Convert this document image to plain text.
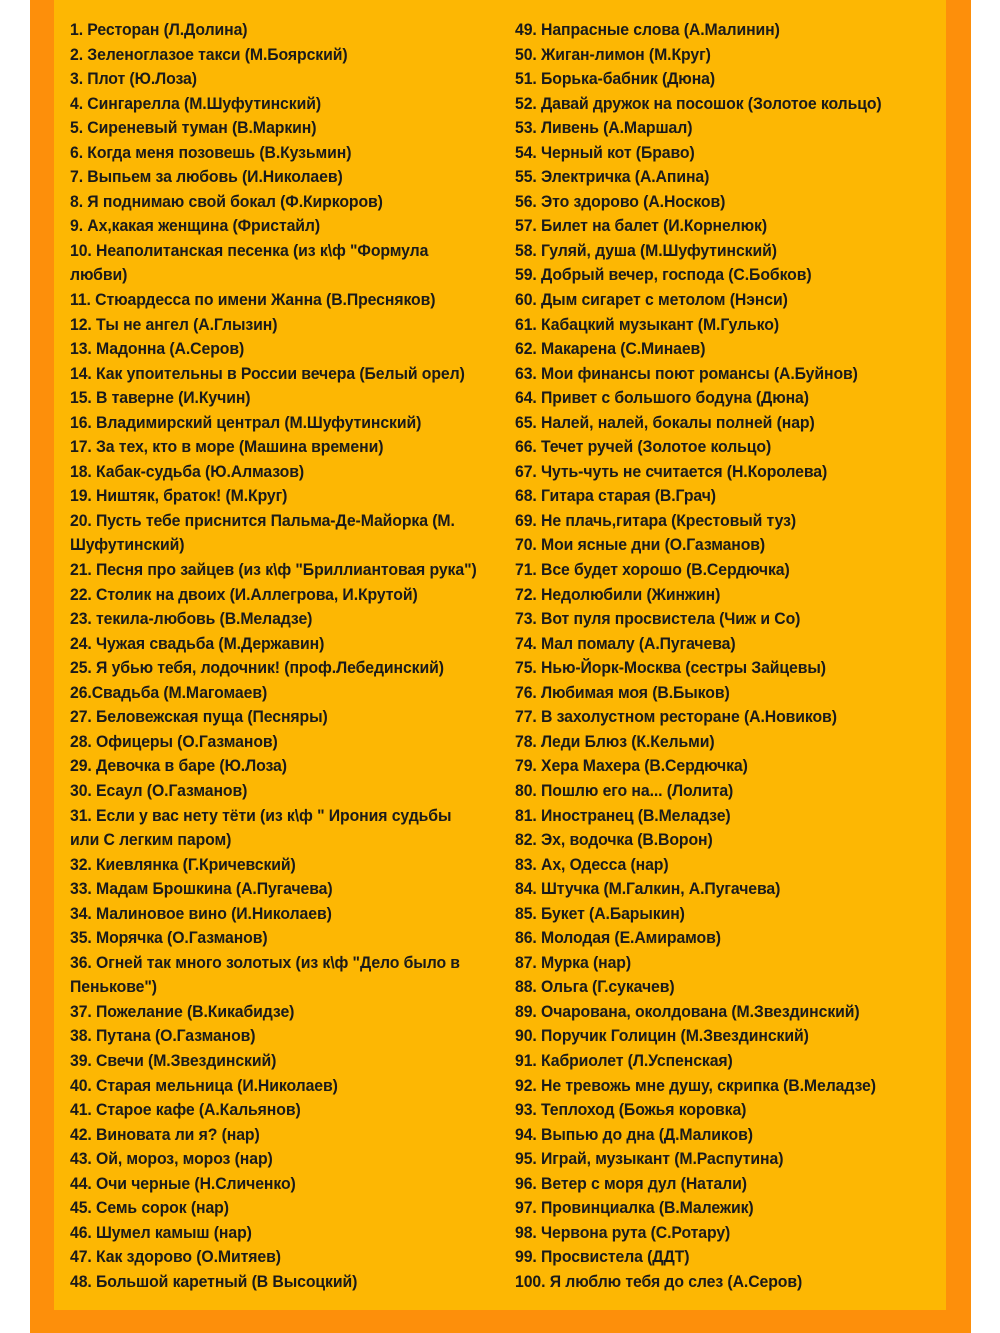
1. Ресторан (Л.Долина)
2. Зеленоглазое такси (М.Боярский)
3. Плот (Ю.Лоза)
4. Сингарелла (М.Шуфутинский)
5. Сиреневый туман (В.Маркин)
6. Когда меня позовешь (В.Кузьмин)
7. Выпьем за любовь (И.Николаев)
8. Я поднимаю свой бокал (Ф.Киркоров)
9. Ах,какая женщина (Фристайл)
10. Неаполитанская песенка (из к\ф "Формула
любви)
11. Стюардесса по имени Жанна (В.Пресняков)
12. Ты не ангел (А.Глызин)
13. Мадонна (А.Серов)
14. Как упоительны в России вечера (Белый орел)
15. В таверне (И.Кучин)
16. Владимирский централ (М.Шуфутинский)
17. За тех, кто в море (Машина времени)
18. Кабак-судьба (Ю.Алмазов)
19. Ништяк, браток! (М.Круг)
20. Пусть тебе приснится Пальма-Де-Майорка (М.
Шуфутинский)
21. Песня про зайцев (из к\ф "Бриллиантовая рука")
22. Столик на двоих (И.Аллегрова, И.Крутой)
23. текила-любовь (В.Меладзе)
24. Чужая свадьба (М.Державин)
25. Я убью тебя, лодочник! (проф.Лебединский)
26.Свадьба (М.Магомаев)
27. Беловежская пуща (Песняры)
28. Офицеры (О.Газманов)
29. Девочка в баре (Ю.Лоза)
30. Есаул (О.Газманов)
31. Если у вас нету тёти (из к\ф " Ирония судьбы
или С легким паром)
32. Киевлянка (Г.Кричевский)
33. Мадам Брошкина (А.Пугачева)
34. Малиновое вино (И.Николаев)
35. Морячка (О.Газманов)
36. Огней так много золотых (из к\ф "Дело было в
Пенькове")
37. Пожелание (В.Кикабидзе)
38. Путана (О.Газманов)
39. Свечи (М.Звездинский)
40. Старая мельница (И.Николаев)
41. Старое кафе (А.Кальянов)
42. Виновата ли я? (нар)
43. Ой, мороз, мороз (нар)
44. Очи черные (Н.Сличенко)
45. Семь сорок (нар)
46. Шумел камыш (нар)
47. Как здорово (О.Митяев)
48. Большой каретный (В Высоцкий)
49. Напрасные слова (А.Малинин)
50. Жиган-лимон (М.Круг)
51. Борька-бабник (Дюна)
52. Давай дружок на посошок (Золотое кольцо)
53. Ливень (А.Маршал)
54. Черный кот (Браво)
55. Электричка (А.Апина)
56. Это здорово (А.Носков)
57. Билет на балет (И.Корнелюк)
58. Гуляй, душа (М.Шуфутинский)
59. Добрый вечер, господа (С.Бобков)
60. Дым сигарет с метолом (Нэнси)
61. Кабацкий музыкант (М.Гулько)
62. Макарена (С.Минаев)
63. Мои финансы поют романсы (А.Буйнов)
64. Привет с большого бодуна (Дюна)
65. Налей, налей, бокалы полней (нар)
66. Течет ручей (Золотое кольцо)
67. Чуть-чуть не считается (Н.Королева)
68. Гитара старая (В.Грач)
69. Не плачь,гитара (Крестовый туз)
70. Мои ясные дни (О.Газманов)
71. Все будет хорошо (В.Сердючка)
72. Недолюбили (Жинжин)
73. Вот пуля просвистела (Чиж и Со)
74. Мал помалу (А.Пугачева)
75. Нью-Йорк-Москва (сестры Зайцевы)
76. Любимая моя (В.Быков)
77. В захолустном ресторане (А.Новиков)
78. Леди Блюз (К.Кельми)
79. Хера Махера (В.Сердючка)
80. Пошлю его на... (Лолита)
81. Иностранец (В.Меладзе)
82. Эх, водочка (В.Ворон)
83. Ах, Одесса (нар)
84. Штучка (М.Галкин, А.Пугачева)
85. Букет (А.Барыкин)
86. Молодая (Е.Амирамов)
87. Мурка (нар)
88. Ольга (Г.сукачев)
89. Очарована, околдована (М.Звездинский)
90. Поручик Голицин (М.Звездинский)
91. Кабриолет (Л.Успенская)
92. Не тревожь мне душу, скрипка (В.Меладзе)
93. Теплоход (Божья коровка)
94. Выпью до дна (Д.Маликов)
95. Играй, музыкант (М.Распутина)
96. Ветер с моря дул (Натали)
97. Провинциалка (В.Малежик)
98. Червона рута (С.Ротару)
99. Просвистела (ДДТ)
100. Я люблю тебя до слез (А.Серов)
